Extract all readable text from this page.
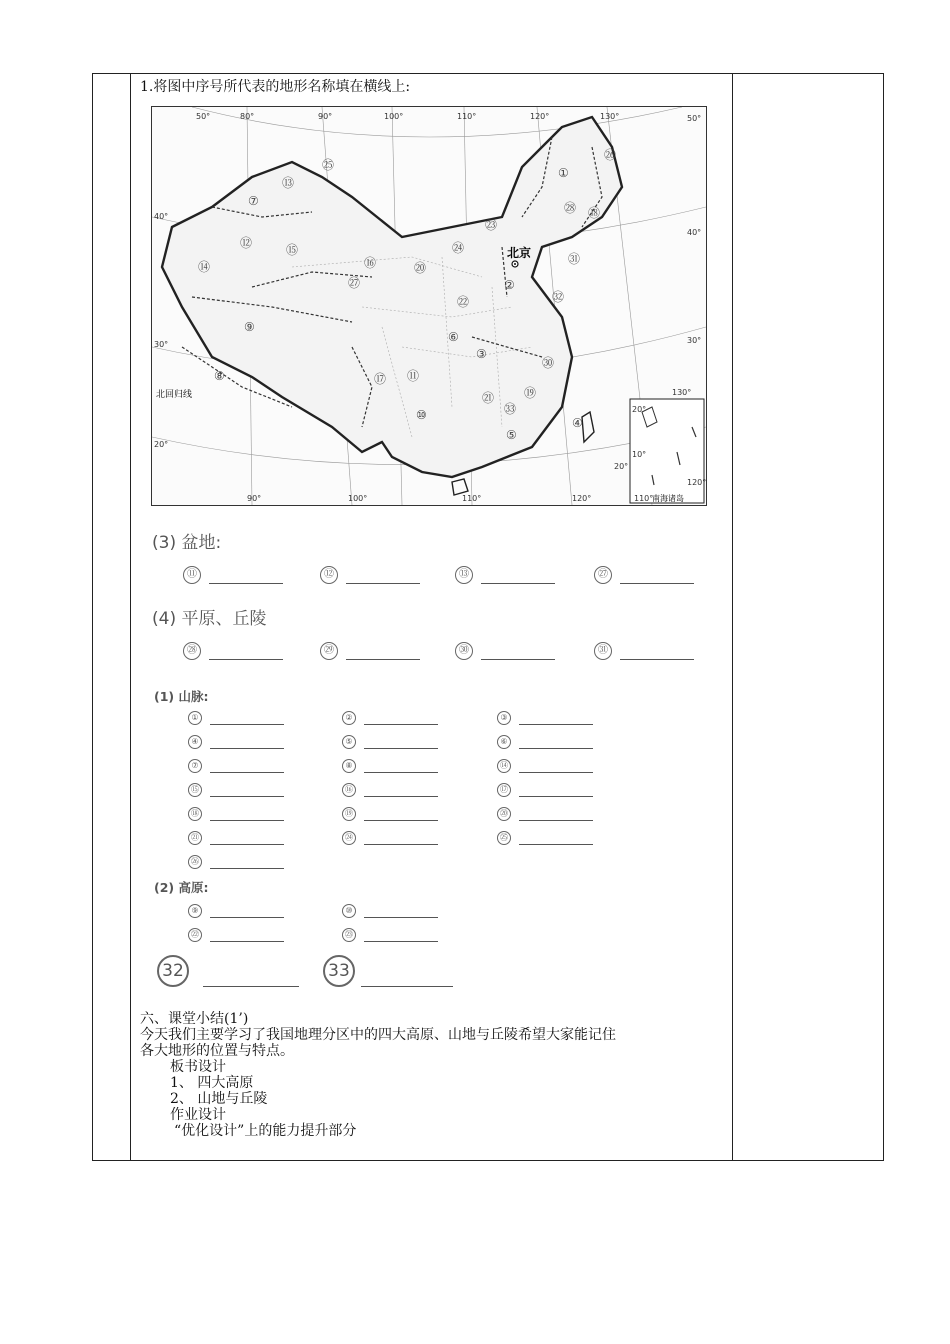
1.将图中序号所代表的地形名称填在横线上:
北京
北回归线
南海诸岛
80°	90°	100°	110°	120°	130°
90°	100°	110°	120°
50°
40°
30°
50°
40°
30°
20°
130°
20°
10°
120°
110°
20°
⑬
㉕
⑦
⑫	⑮
⑭	⑯
㉗
⑨
⑧	⑰ ⑪
⑩
㉔
㉓
⑳
㉒
⑥
③
㉑
㉝
⑤
①
㉖
㉘ ⑱
㉛
②
㉜
㉚
⑲
④
(3) 盆地:
⑪	⑫	⑬	㉗
(4) 平原、丘陵
㉘	㉙	㉚	㉛
(1) 山脉:
①	②	③
④	⑤	⑥
⑦	⑧	⑭
⑮	⑯	⑰
⑱	⑲	⑳
㉑	㉔	㉕
㉖
(2) 高原:
⑨	⑩
㉒	㉓
32	33
六、课堂小结(1’)
今天我们主要学习了我国地理分区中的四大高原、山地与丘陵希望大家能记住
各大地形的位置与特点。
板书设计
1、 四大高原
2、 山地与丘陵
作业设计
“优化设计”上的能力提升部分
